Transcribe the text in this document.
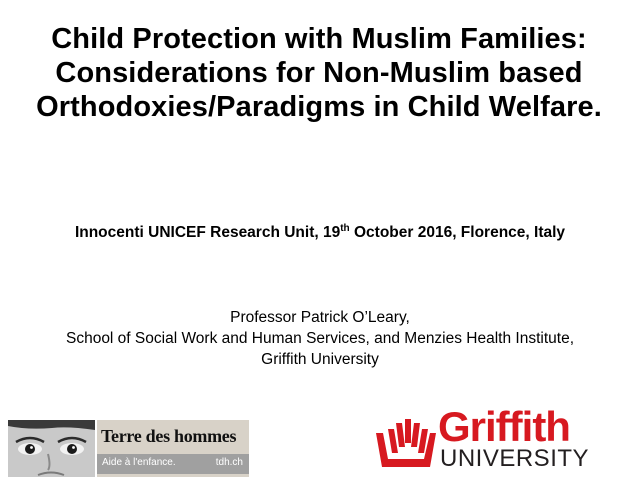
Child Protection with Muslim Families: Considerations for Non-Muslim based Orthodoxies/Paradigms in Child Welfare.
Innocenti UNICEF Research Unit, 19th October 2016, Florence, Italy
Professor Patrick O’Leary,
School of Social Work and Human Services, and Menzies Health Institute,
Griffith University
Terre des hommes
Aide à l'enfance.	tdh.ch
Griffith
UNIVERSITY
